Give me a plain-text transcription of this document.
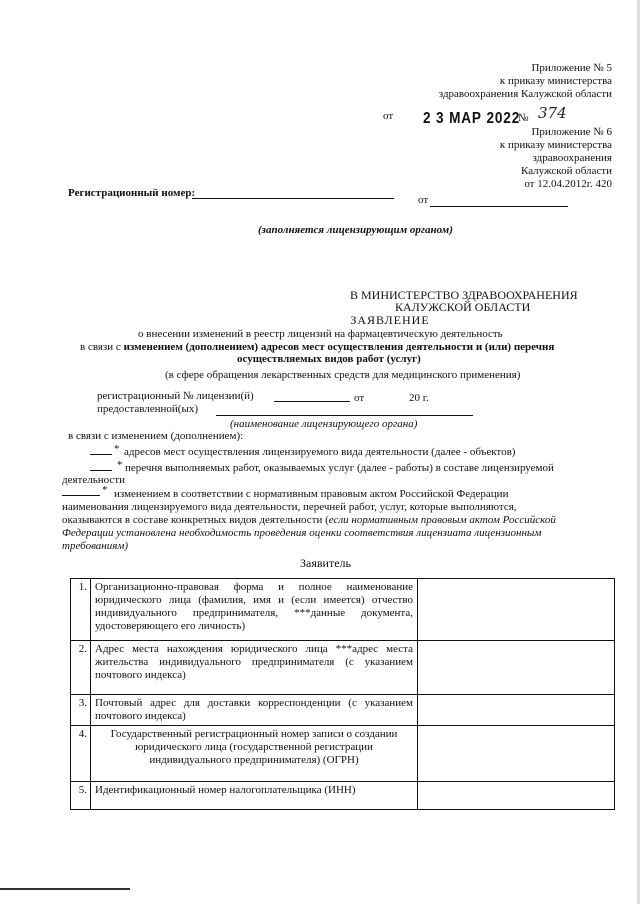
Приложение № 5
к приказу министерства
здравоохранения Калужской области
от 2 3 МАР 2022
№ 374
Приложение № 6
к приказу министерства
здравоохранения
Калужской области
от 12.04.2012г. 420
Регистрационный номер:
от
(заполняется лицензирующим органом)
В МИНИСТЕРСТВО ЗДРАВООХРАНЕНИЯ
КАЛУЖСКОЙ ОБЛАСТИ
ЗАЯВЛЕНИЕ
о внесении изменений в реестр лицензий на фармацевтическую деятельность
в связи с изменением (дополнением) адресов мест осуществления деятельности и (или) перечня
осуществляемых видов работ (услуг)
(в сфере обращения лекарственных средств для медицинского применения)
регистрационный № лицензии(й)	от	20 г.
предоставленной(ых)
(наименование лицензирующего органа)
в связи с изменением (дополнением):
* адресов мест осуществления лицензируемого вида деятельности (далее - объектов)
* перечня выполняемых работ, оказываемых услуг (далее - работы) в составе лицензируемой
деятельности
* изменением в соответствии с нормативным правовым актом Российской Федерации
наименования лицензируемого вида деятельности, перечней работ, услуг, которые выполняются,
оказываются в составе конкретных видов деятельности (если нормативным правовым актом Российской
Федерации установлена необходимость проведения оценки соответствия лицензиата лицензионным
требованиям)
Заявитель
1.	Организационно-правовая форма и полное наименование юридического лица (фамилия, имя и (если имеется) отчество индивидуального предпринимателя, ***данные документа, удостоверяющего его личность)	
2.	Адрес места нахождения юридического лица ***адрес места жительства индивидуального предпринимателя (с указанием почтового индекса)	
3.	Почтовый адрес для доставки корреспонденции (с указанием почтового индекса)	
4.	Государственный регистрационный номер записи о создании юридического лица (государственной регистрации индивидуального предпринимателя) (ОГРН)	
5.	Идентификационный номер налогоплательщика (ИНН)	
